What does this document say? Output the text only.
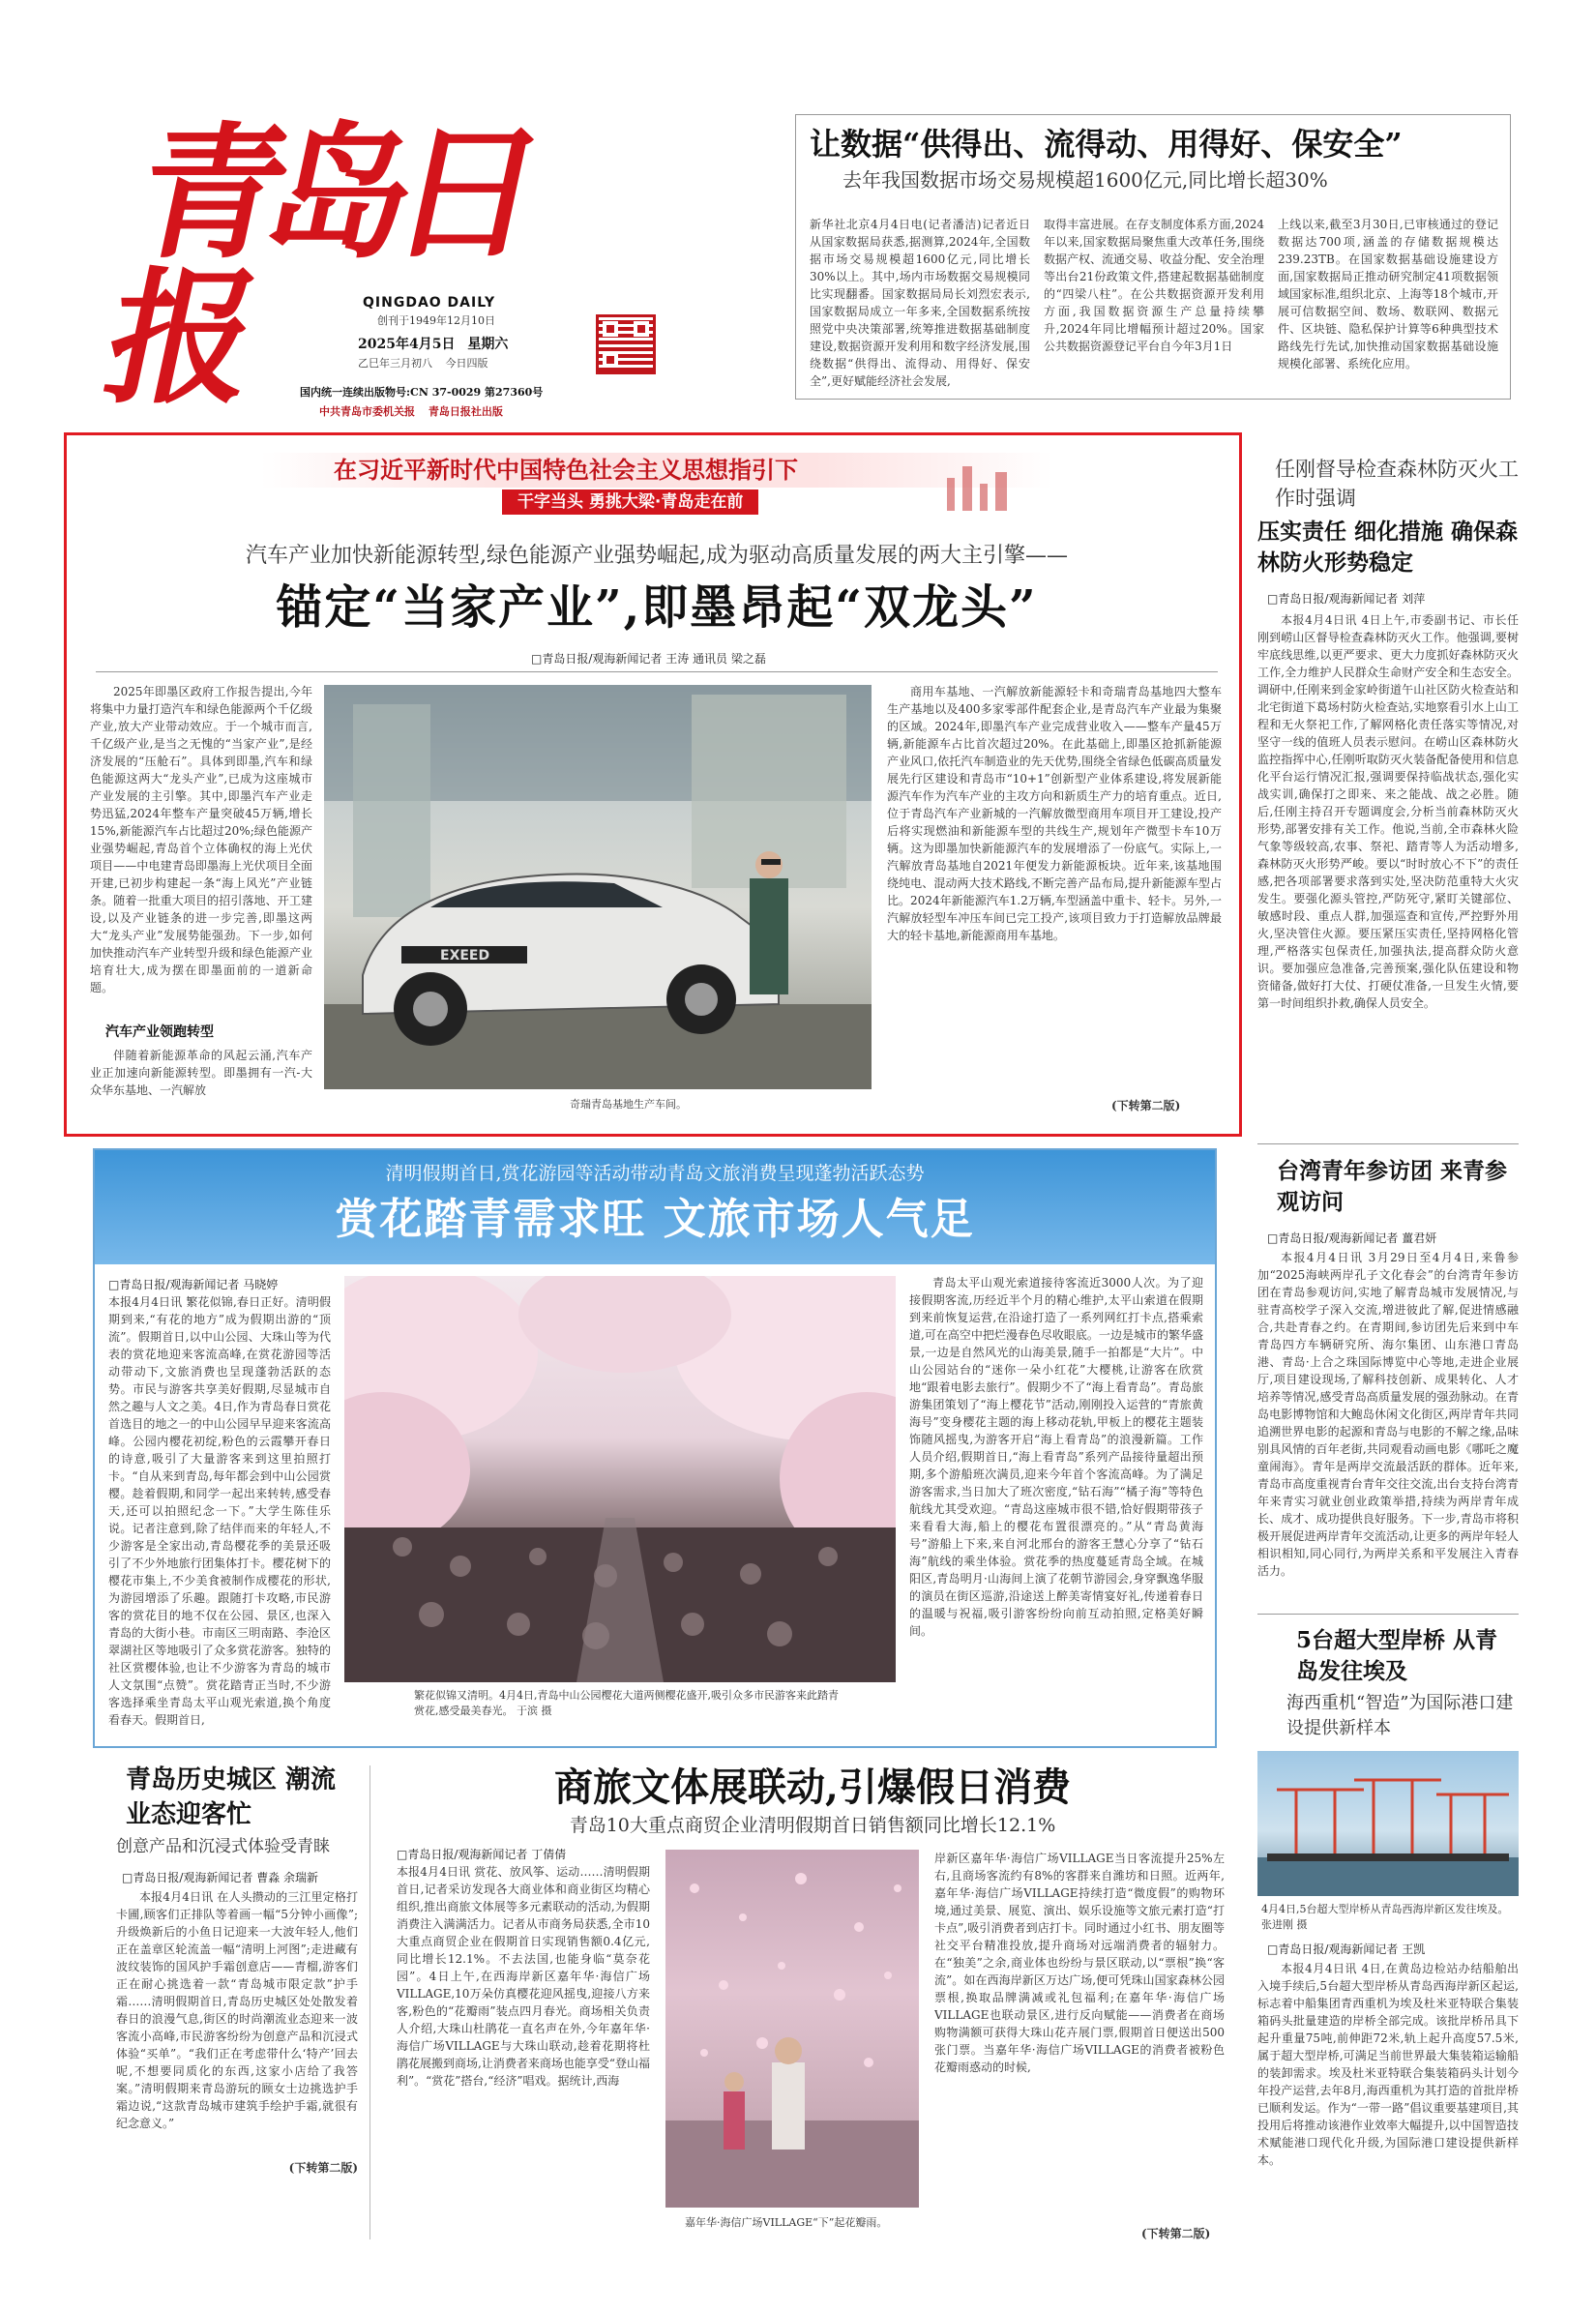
青岛日报	QINGDAO DAILY
创刊于1949年12月10日
2025年4月5日 星期六
乙巳年三月初八 今日四版
国内统一连续出版物号:CN 37-0029 第27360号
中共青岛市委机关报 青岛日报社出版
让数据“供得出、流得动、用得好、保安全”
去年我国数据市场交易规模超1600亿元,同比增长超30%
新华社北京4月4日电(记者潘洁)记者近日从国家数据局获悉,据测算,2024年,全国数据市场交易规模超1600亿元,同比增长30%以上。其中,场内市场数据交易规模同比实现翻番。国家数据局局长刘烈宏表示,国家数据局成立一年多来,全国数据系统按照党中央决策部署,统筹推进数据基础制度建设,数据资源开发利用和数字经济发展,围绕数据“供得出、流得动、用得好、保安全”,更好赋能经济社会发展,
取得丰富进展。在存支制度体系方面,2024年以来,国家数据局聚焦重大改革任务,围绕数据产权、流通交易、收益分配、安全治理等出台21份政策文件,搭建起数据基础制度的“四梁八柱”。在公共数据资源开发利用方面,我国数据资源生产总量持续攀升,2024年同比增幅预计超过20%。国家公共数据资源登记平台自今年3月1日
上线以来,截至3月30日,已审核通过的登记数据达700项,涵盖的存储数据规模达239.23TB。在国家数据基础设施建设方面,国家数据局正推动研究制定41项数据领域国家标准,组织北京、上海等18个城市,开展可信数据空间、数场、数联网、数据元件、区块链、隐私保护计算等6种典型技术路线先行先试,加快推动国家数据基础设施规模化部署、系统化应用。
在习近平新时代中国特色社会主义思想指引下
干字当头 勇挑大梁·青岛走在前
汽车产业加快新能源转型,绿色能源产业强势崛起,成为驱动高质量发展的两大主引擎——
锚定“当家产业”,即墨昂起“双龙头”
□青岛日报/观海新闻记者 王涛 通讯员 梁之磊
2025年即墨区政府工作报告提出,今年将集中力量打造汽车和绿色能源两个千亿级产业,放大产业带动效应。于一个城市而言,千亿级产业,是当之无愧的“当家产业”,是经济发展的“压舱石”。具体到即墨,汽车和绿色能源这两大“龙头产业”,已成为这座城市产业发展的主引擎。其中,即墨汽车产业走势迅猛,2024年整车产量突破45万辆,增长15%,新能源汽车占比超过20%;绿色能源产业强势崛起,青岛首个立体确权的海上光伏项目——中电建青岛即墨海上光伏项目全面开建,已初步构建起一条“海上风光”产业链条。随着一批重大项目的招引落地、开工建设,以及产业链条的进一步完善,即墨这两大“龙头产业”发展势能强劲。下一步,如何加快推动汽车产业转型升级和绿色能源产业培育壮大,成为摆在即墨面前的一道新命题。
汽车产业领跑转型
伴随着新能源革命的风起云涌,汽车产业正加速向新能源转型。即墨拥有一汽-大众华东基地、一汽解放
EXEED
奇瑞青岛基地生产车间。
商用车基地、一汽解放新能源轻卡和奇瑞青岛基地四大整车生产基地以及400多家零部件配套企业,是青岛汽车产业最为集聚的区域。2024年,即墨汽车产业完成营业收入——整车产量45万辆,新能源车占比首次超过20%。在此基础上,即墨区抢抓新能源产业风口,依托汽车制造业的先天优势,围绕全省绿色低碳高质量发展先行区建设和青岛市“10+1”创新型产业体系建设,将发展新能源汽车作为汽车产业的主攻方向和新质生产力的培育重点。近日,位于青岛汽车产业新城的一汽解放微型商用车项目开工建设,投产后将实现燃油和新能源车型的共线生产,规划年产微型卡车10万辆。这为即墨加快新能源汽车的发展增添了一份底气。实际上,一汽解放青岛基地自2021年便发力新能源板块。近年来,该基地围绕纯电、混动两大技术路线,不断完善产品布局,提升新能源车型占比。2024年新能源汽车1.2万辆,车型涵盖中重卡、轻卡。另外,一汽解放轻型车冲压车间已完工投产,该项目致力于打造解放品牌最大的轻卡基地,新能源商用车基地。
(下转第二版)
任刚督导检查森林防灭火工作时强调
压实责任 细化措施 确保森林防火形势稳定
□青岛日报/观海新闻记者 刘萍
本报4月4日讯 4日上午,市委副书记、市长任刚到崂山区督导检查森林防灭火工作。他强调,要树牢底线思维,以更严要求、更大力度抓好森林防灭火工作,全力维护人民群众生命财产安全和生态安全。调研中,任刚来到金家岭街道午山社区防火检查站和北宅街道下葛场村防火检查站,实地察看引水上山工程和无火祭祀工作,了解网格化责任落实等情况,对坚守一线的值班人员表示慰问。在崂山区森林防火监控指挥中心,任刚听取防灭火装备配备使用和信息化平台运行情况汇报,强调要保持临战状态,强化实战实训,确保打之即来、来之能战、战之必胜。随后,任刚主持召开专题调度会,分析当前森林防灭火形势,部署安排有关工作。他说,当前,全市森林火险气象等级较高,农事、祭祀、踏青等人为活动增多,森林防灭火形势严峻。要以“时时放心不下”的责任感,把各项部署要求落到实处,坚决防范重特大火灾发生。要强化源头管控,严防死守,紧盯关键部位、敏感时段、重点人群,加强巡查和宣传,严控野外用火,坚决管住火源。要压紧压实责任,坚持网格化管理,严格落实包保责任,加强执法,提高群众防火意识。要加强应急准备,完善预案,强化队伍建设和物资储备,做好打大仗、打硬仗准备,一旦发生火情,要第一时间组织扑救,确保人员安全。
清明假期首日,赏花游园等活动带动青岛文旅消费呈现蓬勃活跃态势
赏花踏青需求旺 文旅市场人气足
□青岛日报/观海新闻记者 马晓婷
本报4月4日讯 繁花似锦,春日正好。清明假期到来,“有花的地方”成为假期出游的“顶流”。假期首日,以中山公园、大珠山等为代表的赏花地迎来客流高峰,在赏花游园等活动带动下,文旅消费也呈现蓬勃活跃的态势。市民与游客共享美好假期,尽显城市自然之趣与人文之美。4日,作为青岛春日赏花首选目的地之一的中山公园早早迎来客流高峰。公园内樱花初绽,粉色的云霞攀开春日的诗意,吸引了大量游客来到这里拍照打卡。“自从来到青岛,每年都会到中山公园赏樱。趁着假期,和同学一起出来转转,感受春天,还可以拍照纪念一下。”大学生陈佳乐说。记者注意到,除了结伴而来的年轻人,不少游客是全家出动,青岛樱花季的美景还吸引了不少外地旅行团集体打卡。樱花树下的樱花市集上,不少美食被制作成樱花的形状,为游园增添了乐趣。跟随打卡攻略,市民游客的赏花目的地不仅在公园、景区,也深入青岛的大街小巷。市南区三明南路、李沧区翠湖社区等地吸引了众多赏花游客。独特的社区赏樱体验,也让不少游客为青岛的城市人文氛围“点赞”。赏花踏青正当时,不少游客选择乘坐青岛太平山观光索道,换个角度看春天。假期首日,
繁花似锦又清明。4月4日,青岛中山公园樱花大道两侧樱花盛开,吸引众多市民游客来此踏青赏花,感受最美春光。 于滨 摄
青岛太平山观光索道接待客流近3000人次。为了迎接假期客流,历经近半个月的精心维护,太平山索道在假期到来前恢复运营,在沿途打造了一系列网红打卡点,搭乘索道,可在高空中把烂漫春色尽收眼底。一边是城市的繁华盛景,一边是自然风光的山海美景,随手一拍都是“大片”。中山公园站台的“迷你一朵小红花”大樱桃,让游客在欣赏地“跟着电影去旅行”。假期少不了“海上看青岛”。青岛旅游集团策划了“海上樱花节”活动,刚刚投入运营的“青旅黄海号”变身樱花主题的海上移动花轨,甲板上的樱花主题装饰随风摇曳,为游客开启“海上看青岛”的浪漫新篇。工作人员介绍,假期首日,“海上看青岛”系列产品接待量超出预期,多个游船班次满员,迎来今年首个客流高峰。为了满足游客需求,当日加大了班次密度,“钻石海”“橘子海”等特色航线尤其受欢迎。“青岛这座城市很不错,恰好假期带孩子来看看大海,船上的樱花布置很漂亮的。”从“青岛黄海号”游船上下来,来自河北邢台的游客王慧心分享了“钻石海”航线的乘坐体验。赏花季的热度蔓延青岛全域。在城阳区,青岛明月·山海间上演了花朝节游园会,身穿飘逸华服的演员在街区巡游,沿途送上醉美寄情宴好礼,传递着春日的温暖与祝福,吸引游客纷纷向前互动拍照,定格美好瞬间。
台湾青年参访团 来青参观访问
□青岛日报/观海新闻记者 薑君妍
本报4月4日讯 3月29日至4月4日,来鲁参加“2025海峡两岸孔子文化春会”的台湾青年参访团在青岛参观访问,实地了解青岛城市发展情况,与驻青高校学子深入交流,增进彼此了解,促进情感融合,共赴青春之约。在青期间,参访团先后来到中车青岛四方车辆研究所、海尔集团、山东港口青岛港、青岛·上合之珠国际博览中心等地,走进企业展厅,项目建设现场,了解科技创新、成果转化、人才培养等情况,感受青岛高质量发展的强劲脉动。在青岛电影博物馆和大鲍岛休闲文化街区,两岸青年共同追溯世界电影的起源和青岛与电影的不解之缘,品味别具风情的百年老街,共同观看动画电影《哪吒之魔童闹海》。青年是两岸交流最活跃的群体。近年来,青岛市高度重视青台青年交往交流,出台支持台湾青年来青实习就业创业政策举措,持续为两岸青年成长、成才、成功提供良好服务。下一步,青岛市将积极开展促进两岸青年交流活动,让更多的两岸年轻人相识相知,同心同行,为两岸关系和平发展注入青春活力。
5台超大型岸桥 从青岛发往埃及
海西重机“智造”为国际港口建设提供新样本
4月4日,5台超大型岸桥从青岛西海岸新区发往埃及。 张进刚 摄
□青岛日报/观海新闻记者 王凯
本报4月4日讯 4日,在黄岛边检站办结船舶出入境手续后,5台超大型岸桥从青岛西海岸新区起运,标志着中船集团青西重机为埃及杜米亚特联合集装箱码头批量建造的岸桥全部完成。该批岸桥吊具下起升重量75吨,前伸距72米,轨上起升高度57.5米,属于超大型岸桥,可满足当前世界最大集装箱运输船的装卸需求。埃及杜米亚特联合集装箱码头计划今年投产运营,去年8月,海西重机为其打造的首批岸桥已顺利发运。作为“一带一路”倡议重要基建项目,其投用后将推动该港作业效率大幅提升,以中国智造技术赋能港口现代化升级,为国际港口建设提供新样本。
青岛历史城区 潮流业态迎客忙
创意产品和沉浸式体验受青睐
□青岛日报/观海新闻记者 曹淼 余瑞新
本报4月4日讯 在人头攒动的三江里定格打卡圃,顾客们正排队等着画一幅“5分钟小画像”;升级焕新后的小鱼日记迎来一大波年轻人,他们正在盖章区轮流盖一幅“清明上河图”;走进藏有波纹装饰的国风护手霜创意店——青榴,游客们正在耐心挑选着一款“青岛城市限定款”护手霜……清明假期首日,青岛历史城区处处散发着春日的浪漫气息,街区的时尚潮流业态迎来一波客流小高峰,市民游客纷纷为创意产品和沉浸式体验“买单”。“我们正在考虑带什么‘特产’回去呢,不想要同质化的东西,这家小店给了我答案。”清明假期来青岛游玩的顾女士边挑选护手霜边说,“这款青岛城市建筑手绘护手霜,就很有纪念意义。”
(下转第二版)
商旅文体展联动,引爆假日消费
青岛10大重点商贸企业清明假期首日销售额同比增长12.1%
□青岛日报/观海新闻记者 丁倩倩
本报4月4日讯 赏花、放风筝、运动……清明假期首日,记者采访发现各大商业体和商业街区均精心组织,推出商旅文体展等多元素联动的活动,为假期消费注入满满活力。记者从市商务局获悉,全市10大重点商贸企业在假期首日实现销售额0.4亿元,同比增长12.1%。不去法国,也能身临“莫奈花园”。4日上午,在西海岸新区嘉年华·海信广场VILLAGE,10万朵仿真樱花迎风摇曳,迎接八方来客,粉色的“花瓣雨”装点四月春光。商场相关负责人介绍,大珠山杜鹃花一直名声在外,今年嘉年华·海信广场VILLAGE与大珠山联动,趁着花期将杜鹃花展搬到商场,让消费者来商场也能享受“登山福利”。“赏花”搭台,“经济”唱戏。据统计,西海
嘉年华·海信广场VILLAGE“下”起花瓣雨。
岸新区嘉年华·海信广场VILLAGE当日客流提升25%左右,且商场客流约有8%的客群来自潍坊和日照。近两年,嘉年华·海信广场VILLAGE持续打造“微度假”的购物环境,通过美景、展览、演出、娱乐设施等文旅元素打造“打卡点”,吸引消费者到店打卡。同时通过小红书、朋友圈等社交平台精准投放,提升商场对远端消费者的辐射力。在“独美”之余,商业体也纷纷与景区联动,以“票根”换“客流”。如在西海岸新区万达广场,便可凭珠山国家森林公园票根,换取品牌满减或礼包福利;在嘉年华·海信广场VILLAGE也联动景区,进行反向赋能——消费者在商场购物满额可获得大珠山花卉展门票,假期首日便送出500张门票。当嘉年华·海信广场VILLAGE的消费者被粉色花瓣雨惑动的时候,
(下转第二版)
